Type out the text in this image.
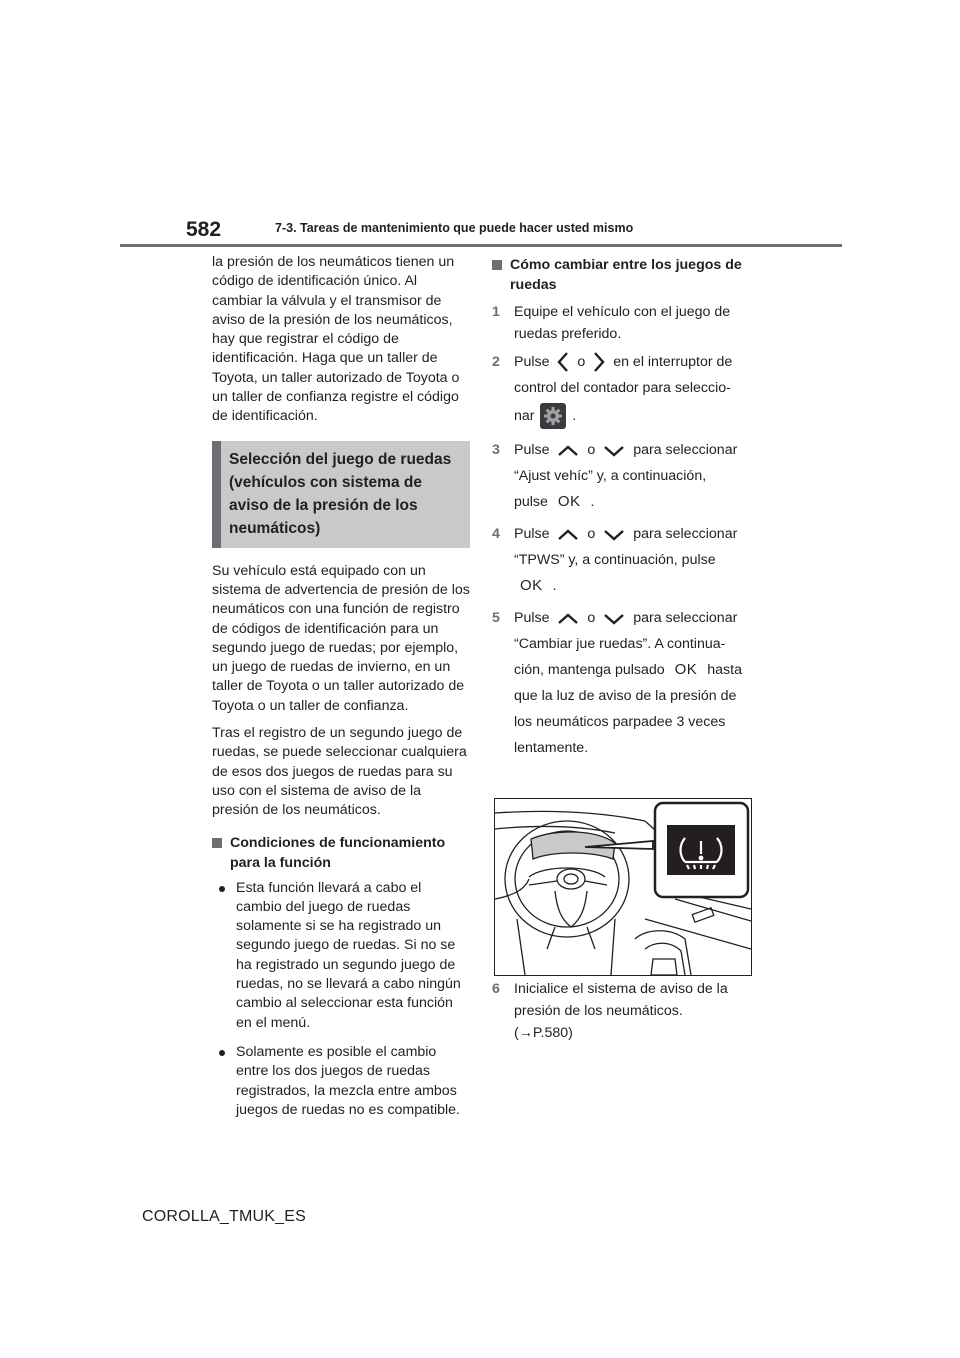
582	7-3. Tareas de mantenimiento que puede hacer usted mismo

la presión de los neumáticos tienen un código de identificación único. Al cambiar la válvula y el transmisor de aviso de la presión de los neumáticos, hay que registrar el código de identificación. Haga que un taller de Toyota, un taller autorizado de Toyota o un taller de confianza registre el código de identificación.

Selección del juego de ruedas (vehículos con sistema de aviso de la presión de los neumáticos)

Su vehículo está equipado con un sistema de advertencia de presión de los neumáticos con una función de registro de códigos de identificación para un segundo juego de ruedas; por ejemplo, un juego de ruedas de invierno, en un taller de Toyota o un taller autorizado de Toyota o un taller de confianza.

Tras el registro de un segundo juego de ruedas, se puede seleccionar cualquiera de esos dos juegos de ruedas para su uso con el sistema de aviso de la presión de los neumáticos.

Condiciones de funcionamiento para la función
Esta función llevará a cabo el cambio del juego de ruedas solamente si se ha registrado un segundo juego de ruedas. Si no se ha registrado un segundo juego de ruedas, no se llevará a cabo ningún cambio al seleccionar esta función en el menú.
Solamente es posible el cambio entre los dos juegos de ruedas registrados, la mezcla entre ambos juegos de ruedas no es compatible.
Cómo cambiar entre los juegos de ruedas
1 Equipe el vehículo con el juego de ruedas preferido.
2 Pulse o en el interruptor de
control del contador para seleccio-
nar	.
3 Pulse	o	para seleccionar
“Ajust vehíc” y, a continuación,
pulse OK .
4 Pulse	o	para seleccionar
“TPWS” y, a continuación, pulse
OK .
5 Pulse	o	para seleccionar
“Cambiar jue ruedas”. A continua-
ción, mantenga pulsado OK hasta
que la luz de aviso de la presión de
los neumáticos parpadee 3 veces
lentamente.
6 Inicialice el sistema de aviso de la
presión de los neumáticos.
(→P.580)
COROLLA_TMUK_ES
